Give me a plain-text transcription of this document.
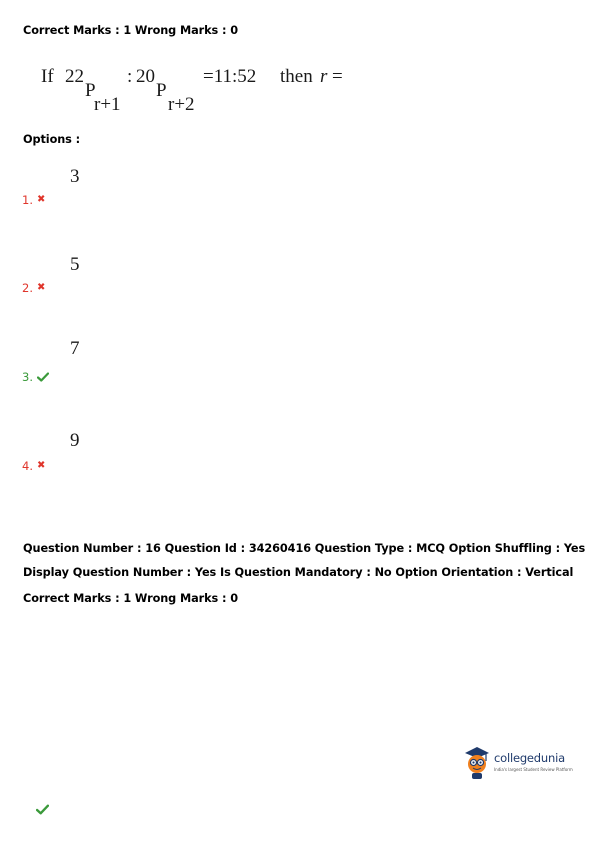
Correct Marks : 1 Wrong Marks : 0
If 22
P
r+1
: 20
P
r+2
=11:52 then r =
Options :
3
1. ✖
5
2. ✖
7
3.
9
4. ✖
Question Number : 16 Question Id : 34260416 Question Type : MCQ Option Shuffling : Yes
Display Question Number : Yes Is Question Mandatory : No Option Orientation : Vertical
Correct Marks : 1 Wrong Marks : 0
collegedunia
India's largest Student Review Platform
